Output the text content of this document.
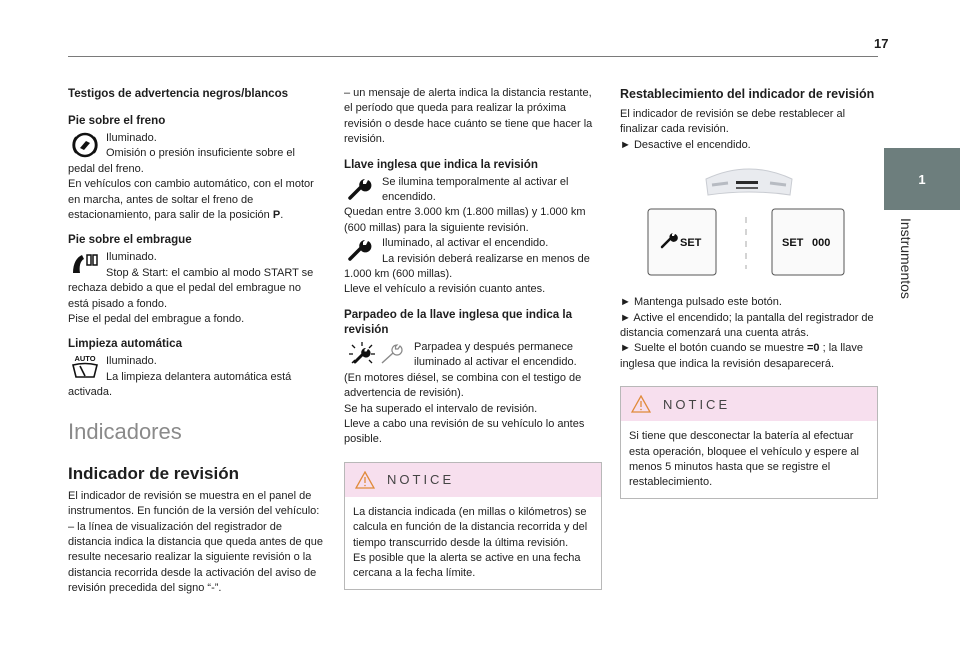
17
1
Instrumentos
Testigos de advertencia negros/blancos
Pie sobre el freno

Iluminado.

Omisión o presión insuficiente sobre el pedal del freno.

En vehículos con cambio automático, con el motor en marcha, antes de soltar el freno de estacionamiento, para salir de la posición P.

Pie sobre el embrague

Iluminado.

Stop & Start: el cambio al modo START se rechaza debido a que el pedal del embrague no está pisado a fondo.

Pise el pedal del embrague a fondo.

Limpieza automática
AUTO Iluminado.

La limpieza delantera automática está activada.

Indicadores
Indicador de revisión

El indicador de revisión se muestra en el panel de instrumentos. En función de la versión del vehículo:

– la línea de visualización del registrador de distancia indica la distancia que queda antes de que resulte necesario realizar la siguiente revisión o la distancia recorrida desde la activación del aviso de revisión precedida del signo “-”.

– un mensaje de alerta indica la distancia restante, el período que queda para realizar la próxima revisión o desde hace cuánto se tiene que hacer la revisión.

Llave inglesa que indica la revisión

Se ilumina temporalmente al activar el encendido.

Quedan entre 3.000 km (1.800 millas) y 1.000 km (600 millas) para la siguiente revisión.

Iluminado, al activar el encendido.

La revisión deberá realizarse en menos de 1.000 km (600 millas).

Lleve el vehículo a revisión cuanto antes.

Parpadeo de la llave inglesa que indica la revisión

Parpadea y después permanece iluminado al activar el encendido.

(En motores diésel, se combina con el testigo de advertencia de revisión).

Se ha superado el intervalo de revisión.

Lleve a cabo una revisión de su vehículo lo antes posible.

NOTICE

La distancia indicada (en millas o kilómetros) se calcula en función de la distancia recorrida y del tiempo transcurrido desde la última revisión.

Es posible que la alerta se active en una fecha cercana a la fecha límite.

Restablecimiento del indicador de revisión

El indicador de revisión se debe restablecer al finalizar cada revisión.

► Desactive el encendido.

SET	SET 000

► Mantenga pulsado este botón.

► Active el encendido; la pantalla del registrador de distancia comenzará una cuenta atrás.

► Suelte el botón cuando se muestre =0 ; la llave inglesa que indica la revisión desaparecerá.

NOTICE

Si tiene que desconectar la batería al efectuar esta operación, bloquee el vehículo y espere al menos 5 minutos hasta que se registre el restablecimiento.
